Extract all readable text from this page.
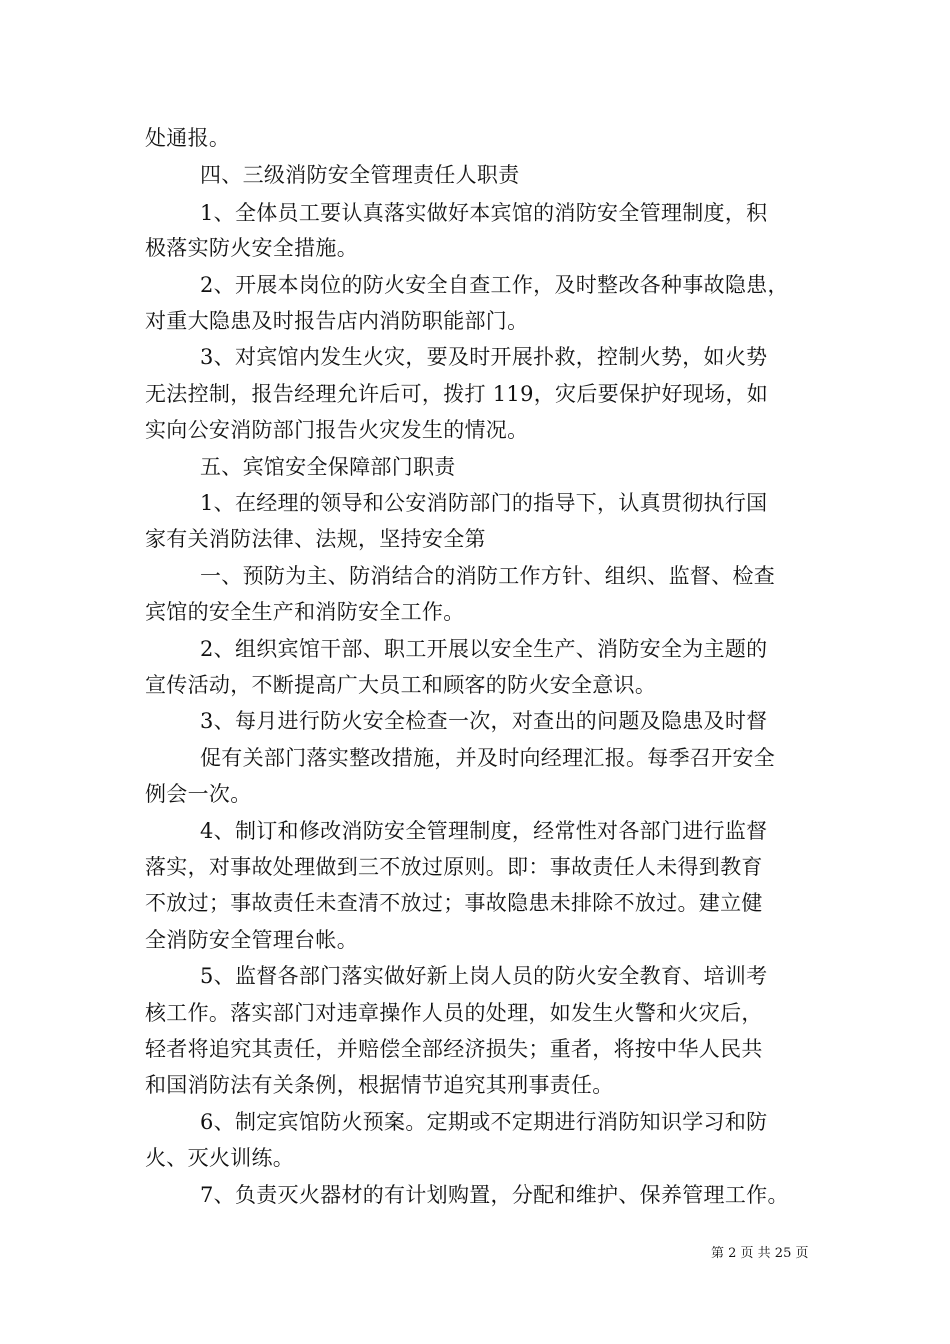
处通报。
四、三级消防安全管理责任人职责
1、全体员工要认真落实做好本宾馆的消防安全管理制度，积
极落实防火安全措施。
2、开展本岗位的防火安全自查工作，及时整改各种事故隐患，
对重大隐患及时报告店内消防职能部门。
3、对宾馆内发生火灾，要及时开展扑救，控制火势，如火势
无法控制，报告经理允许后可，拨打 119，灾后要保护好现场，如
实向公安消防部门报告火灾发生的情况。
五、宾馆安全保障部门职责
1、在经理的领导和公安消防部门的指导下，认真贯彻执行国
家有关消防法律、法规，坚持安全第
一、预防为主、防消结合的消防工作方针、组织、监督、检查
宾馆的安全生产和消防安全工作。
2、组织宾馆干部、职工开展以安全生产、消防安全为主题的
宣传活动，不断提高广大员工和顾客的防火安全意识。
3、每月进行防火安全检查一次，对查出的问题及隐患及时督
促有关部门落实整改措施，并及时向经理汇报。每季召开安全
例会一次。
4、制订和修改消防安全管理制度，经常性对各部门进行监督
落实，对事故处理做到三不放过原则。即：事故责任人未得到教育
不放过；事故责任未查清不放过；事故隐患未排除不放过。建立健
全消防安全管理台帐。
5、监督各部门落实做好新上岗人员的防火安全教育、培训考
核工作。落实部门对违章操作人员的处理，如发生火警和火灾后，
轻者将追究其责任，并赔偿全部经济损失；重者，将按中华人民共
和国消防法有关条例，根据情节追究其刑事责任。
6、制定宾馆防火预案。定期或不定期进行消防知识学习和防
火、灭火训练。
7、负责灭火器材的有计划购置，分配和维护、保养管理工作。
第 2 页 共 25 页
